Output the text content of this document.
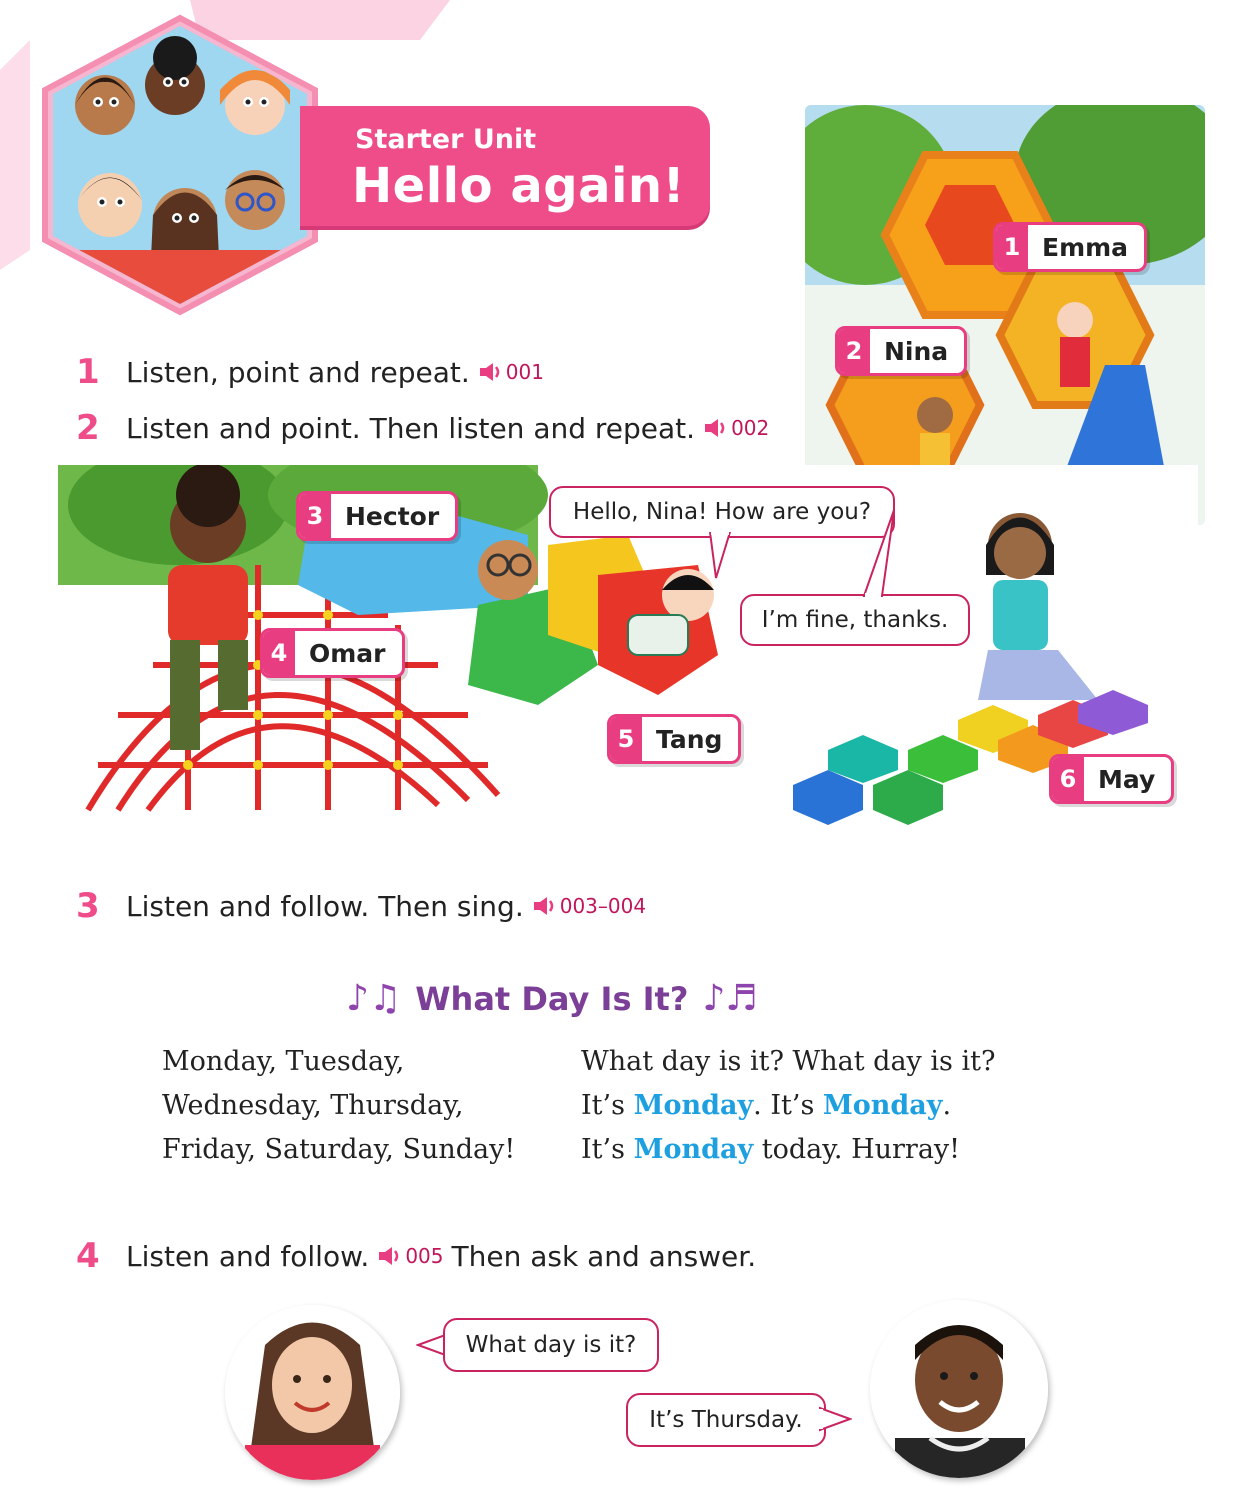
Starter Unit
Hello again!
1 Emma
2 Nina
3 Hector
4 Omar
5 Tang
6 May
Hello, Nina! How are you?
I’m fine, thanks.
1 Listen, point and repeat. 001
2 Listen and point. Then listen and repeat. 002
3 Listen and follow. Then sing. 003–004
♪♫ What Day Is It? ♪♬
Monday, Tuesday,
Wednesday, Thursday,
Friday, Saturday, Sunday!
What day is it? What day is it?
It’s Monday. It’s Monday.
It’s Monday today. Hurray!
4 Listen and follow. 005 Then ask and answer.
What day is it?
It’s Thursday.
